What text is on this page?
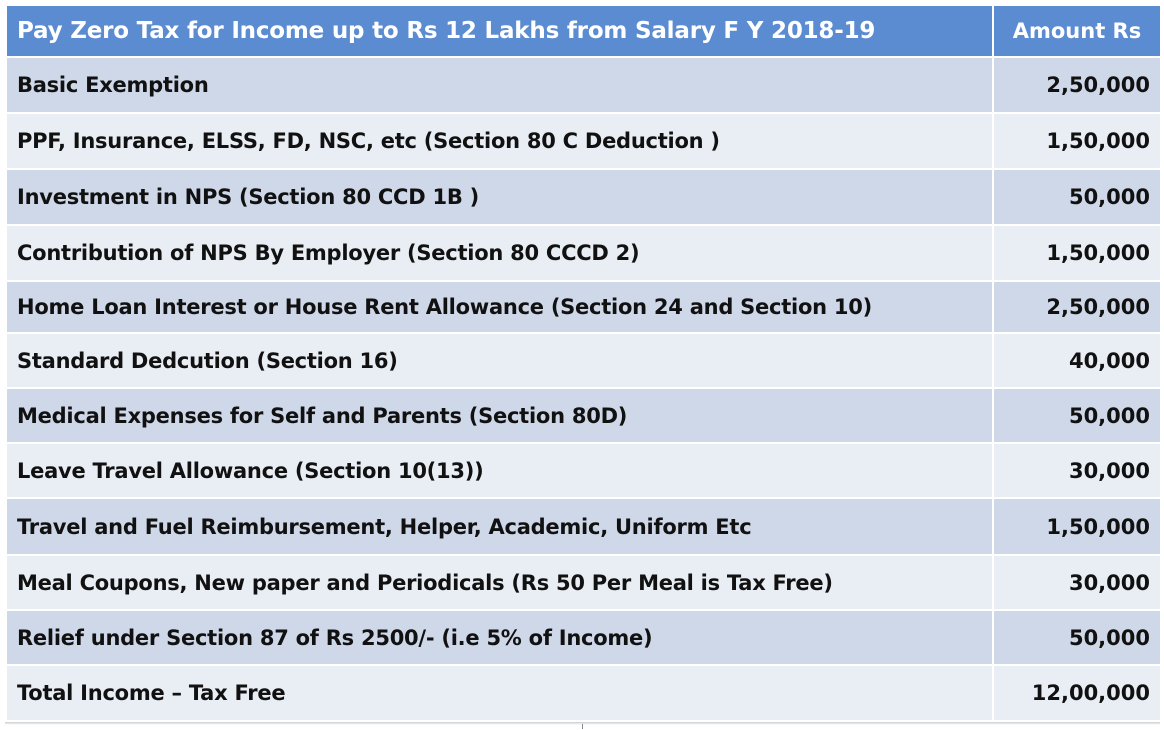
Pay Zero Tax for Income up to Rs 12 Lakhs from Salary F Y 2018-19	Amount Rs
Basic Exemption	2,50,000
PPF, Insurance, ELSS, FD, NSC, etc (Section 80 C Deduction )	1,50,000
Investment in NPS (Section 80 CCD 1B )	50,000
Contribution of NPS By Employer (Section 80 CCCD 2)	1,50,000
Home Loan Interest or House Rent Allowance (Section 24 and Section 10)	2,50,000
Standard Dedcution (Section 16)	40,000
Medical Expenses for Self and Parents (Section 80D)	50,000
Leave Travel Allowance (Section 10(13))	30,000
Travel and Fuel Reimbursement, Helper, Academic, Uniform Etc	1,50,000
Meal Coupons, New paper and Periodicals (Rs 50 Per Meal is Tax Free)	30,000
Relief under Section 87 of Rs 2500/- (i.e 5% of Income)	50,000
Total Income – Tax Free	12,00,000
